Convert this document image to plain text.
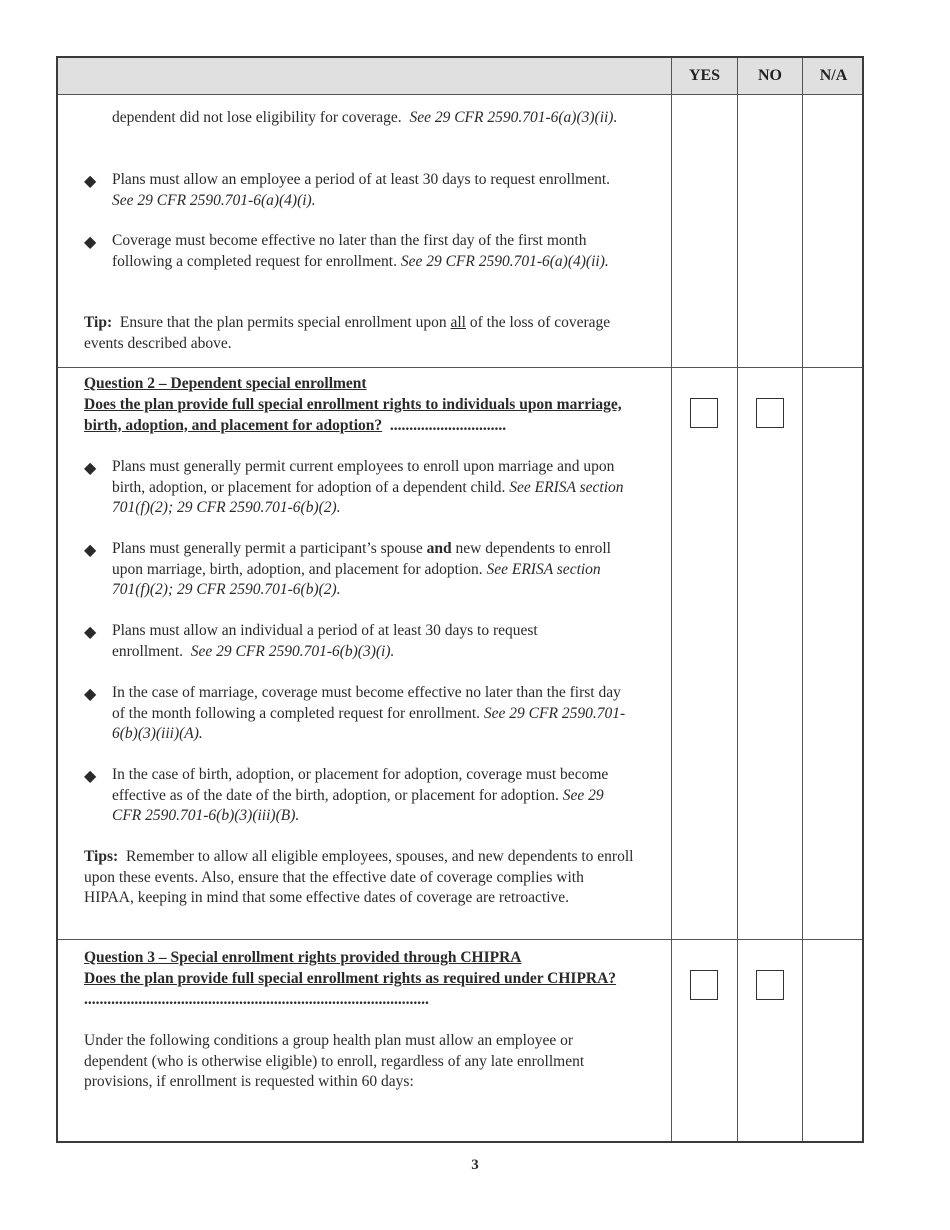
YES	NO	N/A

dependent did not lose eligibility for coverage. See 29 CFR 2590.701-6(a)(3)(ii).

◆ Plans must allow an employee a period of at least 30 days to request enrollment. See 29 CFR 2590.701-6(a)(4)(i).

◆ Coverage must become effective no later than the first day of the first month following a completed request for enrollment. See 29 CFR 2590.701-6(a)(4)(ii).

Tip: Ensure that the plan permits special enrollment upon all of the loss of coverage events described above.

Question 2 – Dependent special enrollment

Does the plan provide full special enrollment rights to individuals upon marriage, birth, adoption, and placement for adoption? ..............................

◆ Plans must generally permit current employees to enroll upon marriage and upon birth, adoption, or placement for adoption of a dependent child. See ERISA section 701(f)(2); 29 CFR 2590.701-6(b)(2).

◆ Plans must generally permit a participant’s spouse and new dependents to enroll upon marriage, birth, adoption, and placement for adoption. See ERISA section 701(f)(2); 29 CFR 2590.701-6(b)(2).

◆ Plans must allow an individual a period of at least 30 days to request enrollment. See 29 CFR 2590.701-6(b)(3)(i).

◆ In the case of marriage, coverage must become effective no later than the first day of the month following a completed request for enrollment. See 29 CFR 2590.701-6(b)(3)(iii)(A).

◆ In the case of birth, adoption, or placement for adoption, coverage must become effective as of the date of the birth, adoption, or placement for adoption. See 29 CFR 2590.701-6(b)(3)(iii)(B).

Tips: Remember to allow all eligible employees, spouses, and new dependents to enroll upon these events. Also, ensure that the effective date of coverage complies with HIPAA, keeping in mind that some effective dates of coverage are retroactive.

Question 3 – Special enrollment rights provided through CHIPRA

Does the plan provide full special enrollment rights as required under CHIPRA?  .........................................................................................

Under the following conditions a group health plan must allow an employee or dependent (who is otherwise eligible) to enroll, regardless of any late enrollment provisions, if enrollment is requested within 60 days:

3
